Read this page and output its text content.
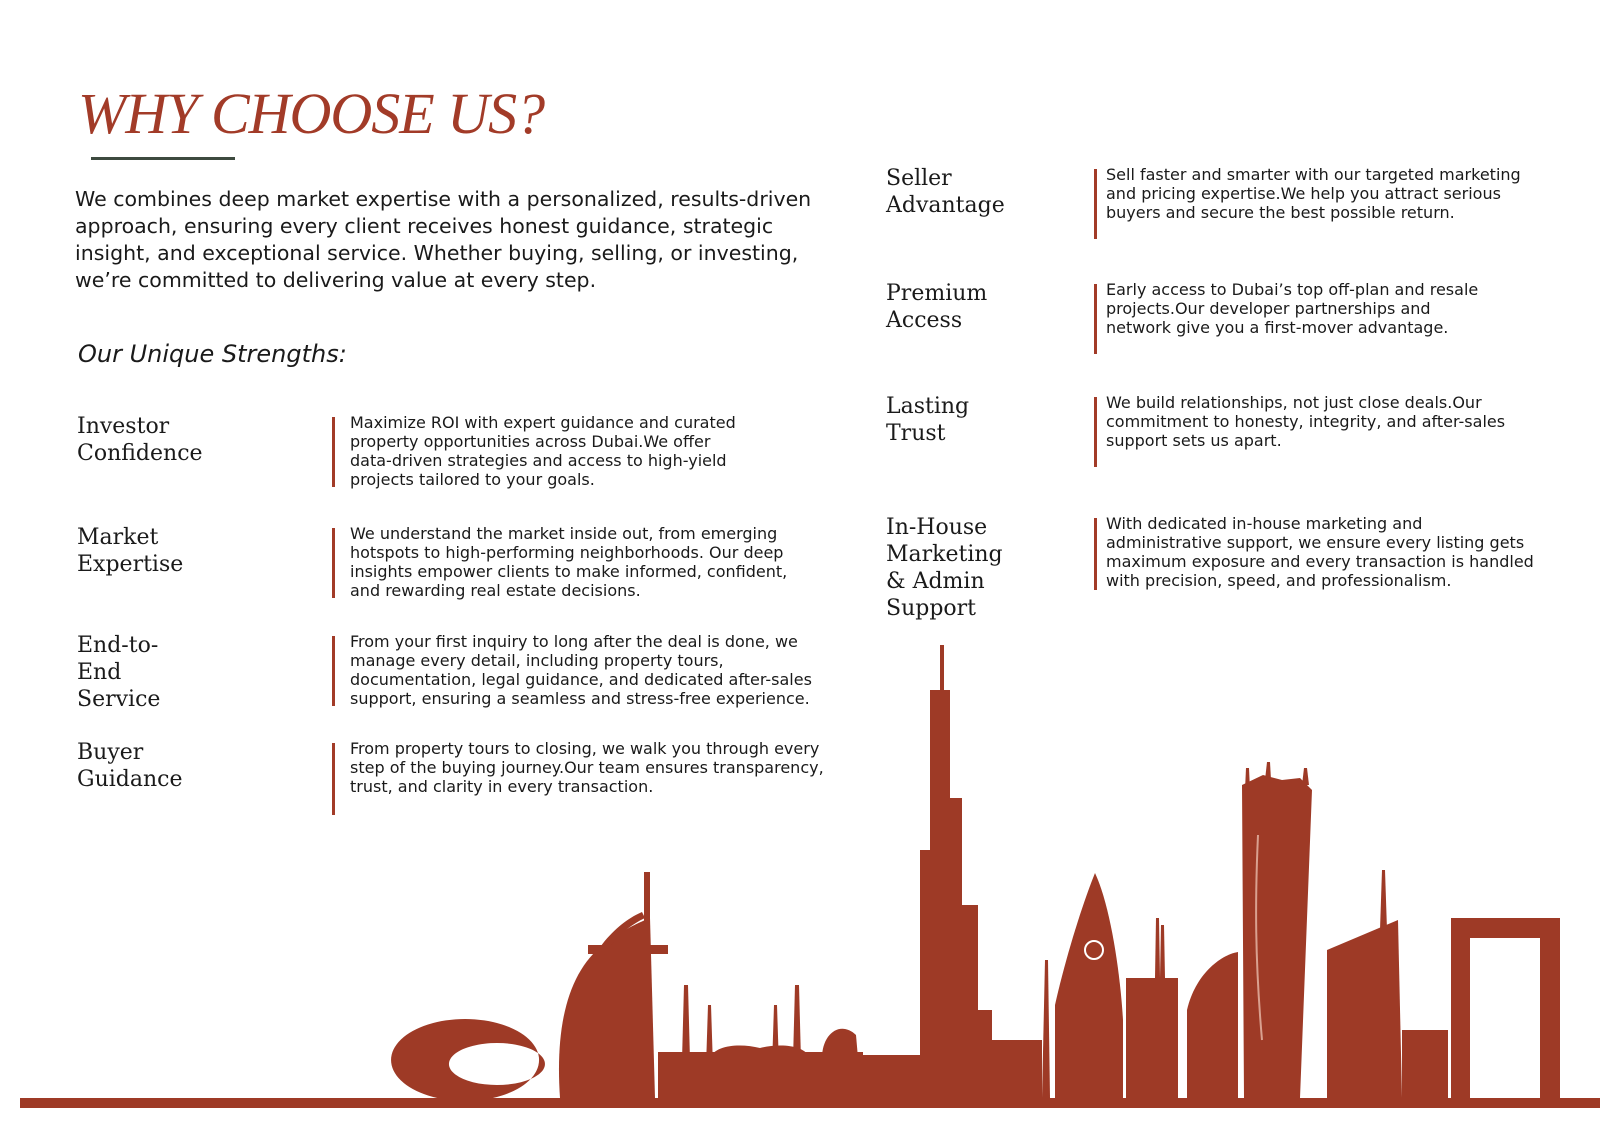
WHY CHOOSE US?

We combines deep market expertise with a personalized, results-driven
approach, ensuring every client receives honest guidance, strategic
insight, and exceptional service. Whether buying, selling, or investing,
we’re committed to delivering value at every step.

Our Unique Strengths:

Investor Confidence

Maximize ROI with expert guidance and curated
property opportunities across Dubai.We offer
data-driven strategies and access to high-yield
projects tailored to your goals.

Market Expertise

We understand the market inside out, from emerging
hotspots to high-performing neighborhoods. Our deep
insights empower clients to make informed, confident,
and rewarding real estate decisions.

End-to-End Service

From your first inquiry to long after the deal is done, we
manage every detail, including property tours,
documentation, legal guidance, and dedicated after-sales
support, ensuring a seamless and stress-free experience.

Buyer Guidance

From property tours to closing, we walk you through every
step of the buying journey.Our team ensures transparency,
trust, and clarity in every transaction.

Seller Advantage

Sell faster and smarter with our targeted marketing
and pricing expertise.We help you attract serious
buyers and secure the best possible return.

Premium Access

Early access to Dubai’s top off-plan and resale
projects.Our developer partnerships and
network give you a first-mover advantage.

Lasting Trust

We build relationships, not just close deals.Our
commitment to honesty, integrity, and after-sales
support sets us apart.

In-House Marketing
& Admin Support

With dedicated in-house marketing and
administrative support, we ensure every listing gets
maximum exposure and every transaction is handled
with precision, speed, and professionalism.
